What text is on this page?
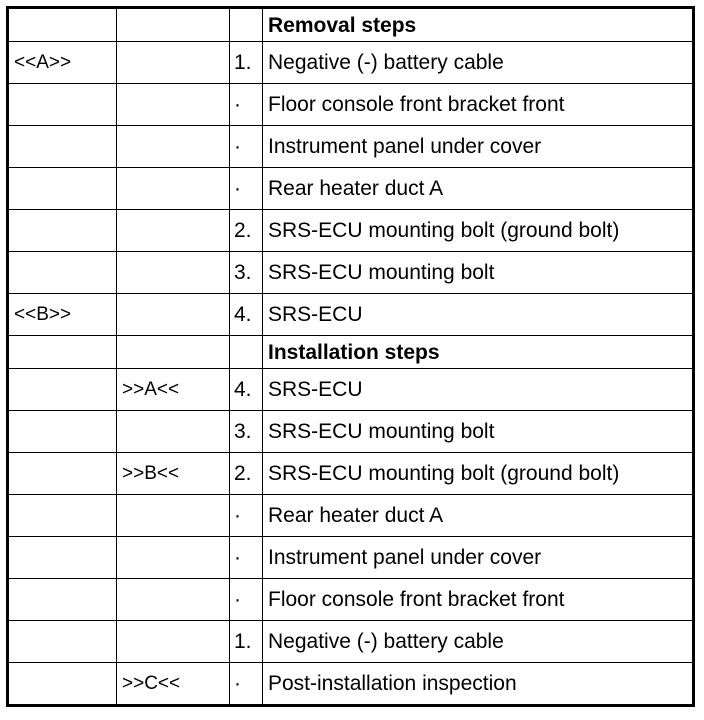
			Removal steps
<<A>>		1.	Negative (-) battery cable
		·	Floor console front bracket front
		·	Instrument panel under cover
		·	Rear heater duct A
		2.	SRS-ECU mounting bolt (ground bolt)
		3.	SRS-ECU mounting bolt
<<B>>		4.	SRS-ECU
			Installation steps
	>>A<<	4.	SRS-ECU
		3.	SRS-ECU mounting bolt
	>>B<<	2.	SRS-ECU mounting bolt (ground bolt)
		·	Rear heater duct A
		·	Instrument panel under cover
		·	Floor console front bracket front
		1.	Negative (-) battery cable
	>>C<<	·	Post-installation inspection
